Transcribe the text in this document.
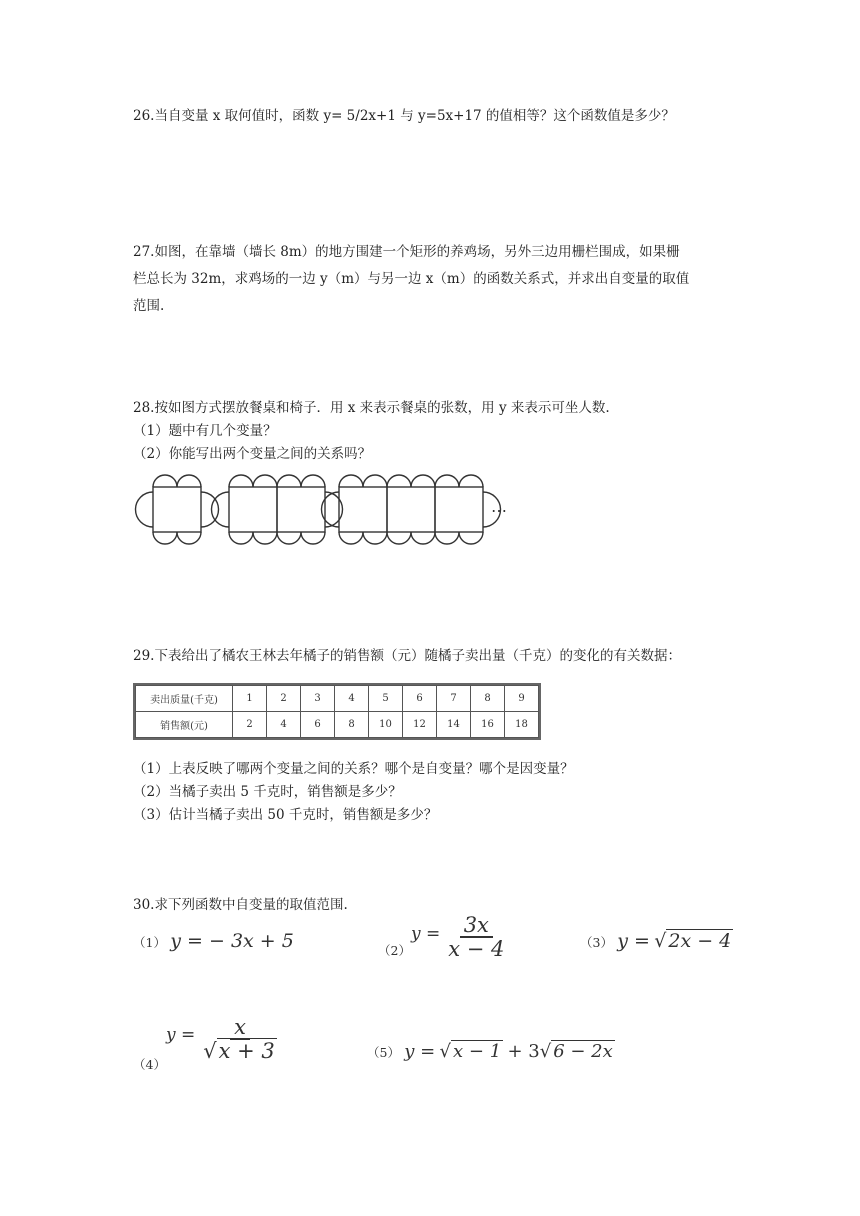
26.当自变量 x 取何值时，函数 y= 5/2x+1 与 y=5x+17 的值相等？这个函数值是多少？
27.如图，在靠墙（墙长 8m）的地方围建一个矩形的养鸡场，另外三边用栅栏围成，如果栅
栏总长为 32m，求鸡场的一边 y（m）与另一边 x（m）的函数关系式，并求出自变量的取值
范围.
28.按如图方式摆放餐桌和椅子．用 x 来表示餐桌的张数，用 y 来表示可坐人数.
（1）题中有几个变量？
（2）你能写出两个变量之间的关系吗？
…
29.下表给出了橘农王林去年橘子的销售额（元）随橘子卖出量（千克）的变化的有关数据：
卖出质量(千克)	1	2	3	4	5	6	7	8	9
销售额(元)	2	4	6	8	10	12	14	16	18
（1）上表反映了哪两个变量之间的关系？哪个是自变量？哪个是因变量？
（2）当橘子卖出 5 千克时，销售额是多少？
（3）估计当橘子卖出 50 千克时，销售额是多少？
30.求下列函数中自变量的取值范围.
（1） y = − 3x + 5	（2）
$y = \frac{3x}{x - 4}$	（3） y = √ 2x − 4
（4）
$y = \frac{x}{√x + 3}$	（5） y = √ x − 1 + 3√ 6 − 2x
